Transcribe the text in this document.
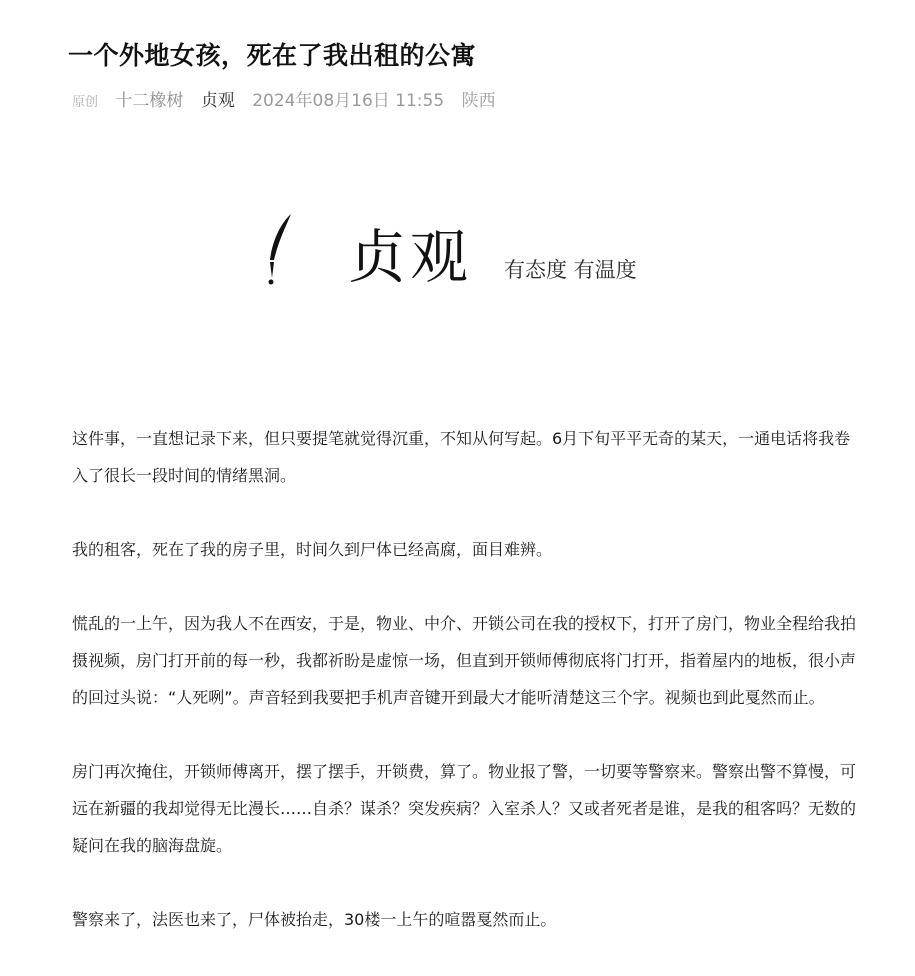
一个外地女孩，死在了我出租的公寓
原创 十二橡树 贞观 2024年08月16日 11:55 陕西
贞观 有态度 有温度

这件事，一直想记录下来，但只要提笔就觉得沉重，不知从何写起。6月下旬平平无奇的某天，一通电话将我卷入了很长一段时间的情绪黑洞。

我的租客，死在了我的房子里，时间久到尸体已经高腐，面目难辨。

慌乱的一上午，因为我人不在西安，于是，物业、中介、开锁公司在我的授权下，打开了房门，物业全程给我拍摄视频，房门打开前的每一秒，我都祈盼是虚惊一场，但直到开锁师傅彻底将门打开，指着屋内的地板，很小声的回过头说：“人死咧”。声音轻到我要把手机声音键开到最大才能听清楚这三个字。视频也到此戛然而止。

房门再次掩住，开锁师傅离开，摆了摆手，开锁费，算了。物业报了警，一切要等警察来。警察出警不算慢，可远在新疆的我却觉得无比漫长……自杀？谋杀？突发疾病？入室杀人？又或者死者是谁，是我的租客吗？无数的疑问在我的脑海盘旋。

警察来了，法医也来了，尸体被抬走，30楼一上午的喧嚣戛然而止。
